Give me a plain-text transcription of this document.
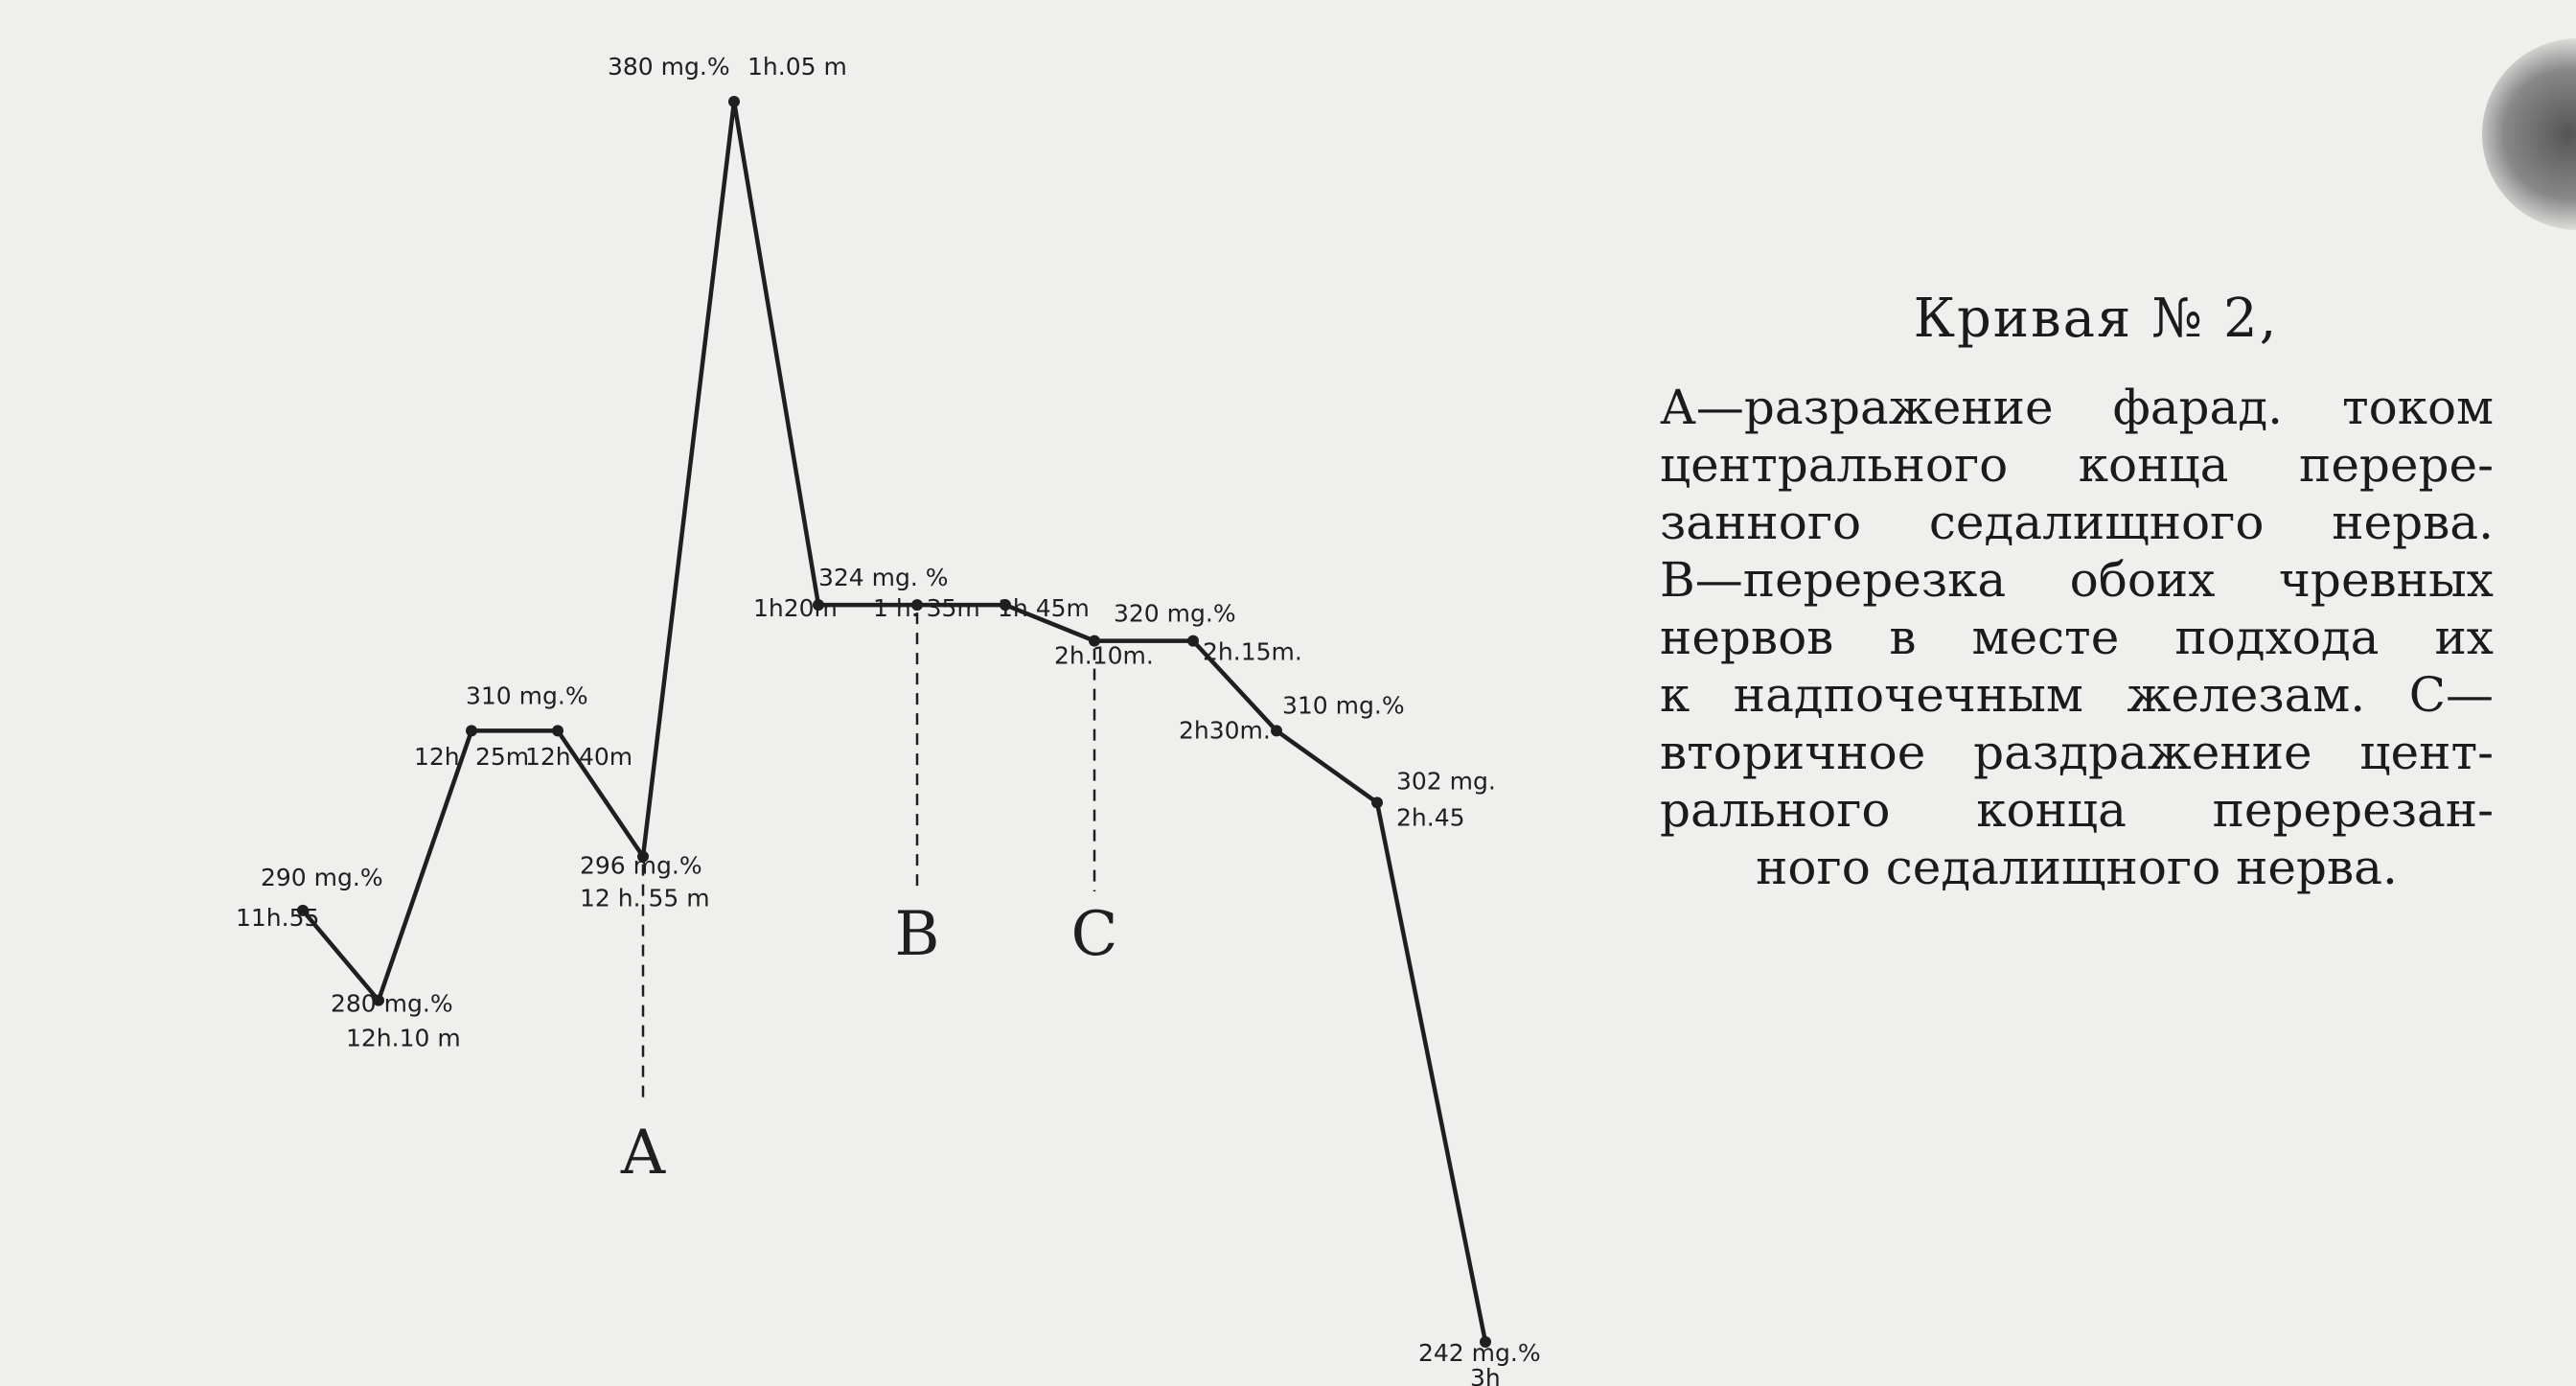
290 mg.%
11h.55
280 mg.%
12h.10 m
310 mg.%
296 mg.%
12 h. 55 m
380 mg.% 1h.05 m
324 mg. %
1h20m 1 h. 35m 1h 45m 320 mg.%
2h.10m. 2h.15m.
310 mg.%
2h30m.
302 mg.
2h.45
242 mg.%
3h
12h 25m
12h 40m
A
B C
Кривая № 2,
А—разражение фарад. током
центрального конца перере-
занного седалищного нерва.
В—перерезка обоих чревных
нервов в месте подхода их
к надпочечным железам. С—
вторичное раздражение цент-
рального конца перерезан-
ного седалищного нерва.
